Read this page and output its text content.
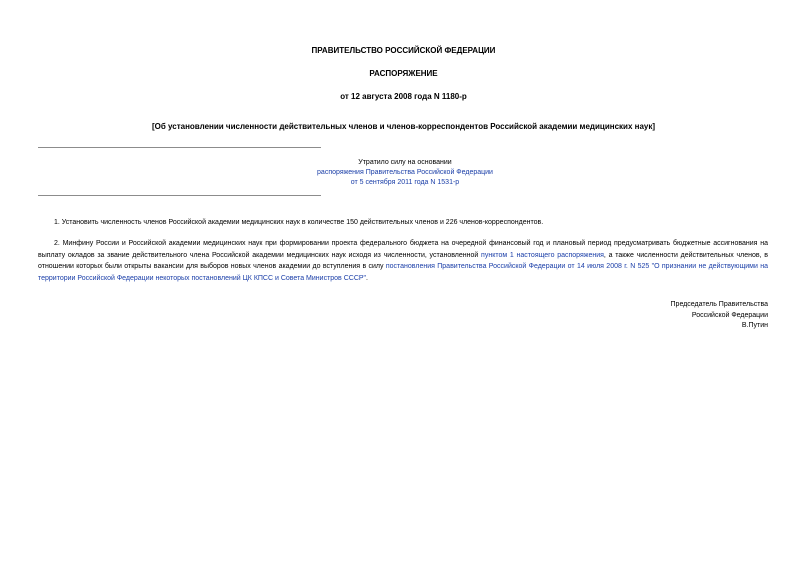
ПРАВИТЕЛЬСТВО РОССИЙСКОЙ ФЕДЕРАЦИИ
РАСПОРЯЖЕНИЕ
от 12 августа 2008 года N 1180-р
[Об установлении численности действительных членов и членов-корреспондентов Российской академии медицинских наук]
Утратило силу на основании
распоряжения Правительства Российской Федерации
от 5 сентября 2011 года N 1531-р
1. Установить численность членов Российской академии медицинских наук в количестве 150 действительных членов и 226 членов-корреспондентов.
2. Минфину России и Российской академии медицинских наук при формировании проекта федерального бюджета на очередной финансовый год и плановый период предусматривать бюджетные ассигнования на выплату окладов за звание действительного члена Российской академии медицинских наук исходя из численности, установленной пунктом 1 настоящего распоряжения, а также численности действительных членов, в отношении которых были открыты вакансии для выборов новых членов академии до вступления в силу постановления Правительства Российской Федерации от 14 июля 2008 г. N 525 "О признании не действующими на территории Российской Федерации некоторых постановлений ЦК КПСС и Совета Министров СССР".
Председатель Правительства
Российской Федерации
В.Путин
